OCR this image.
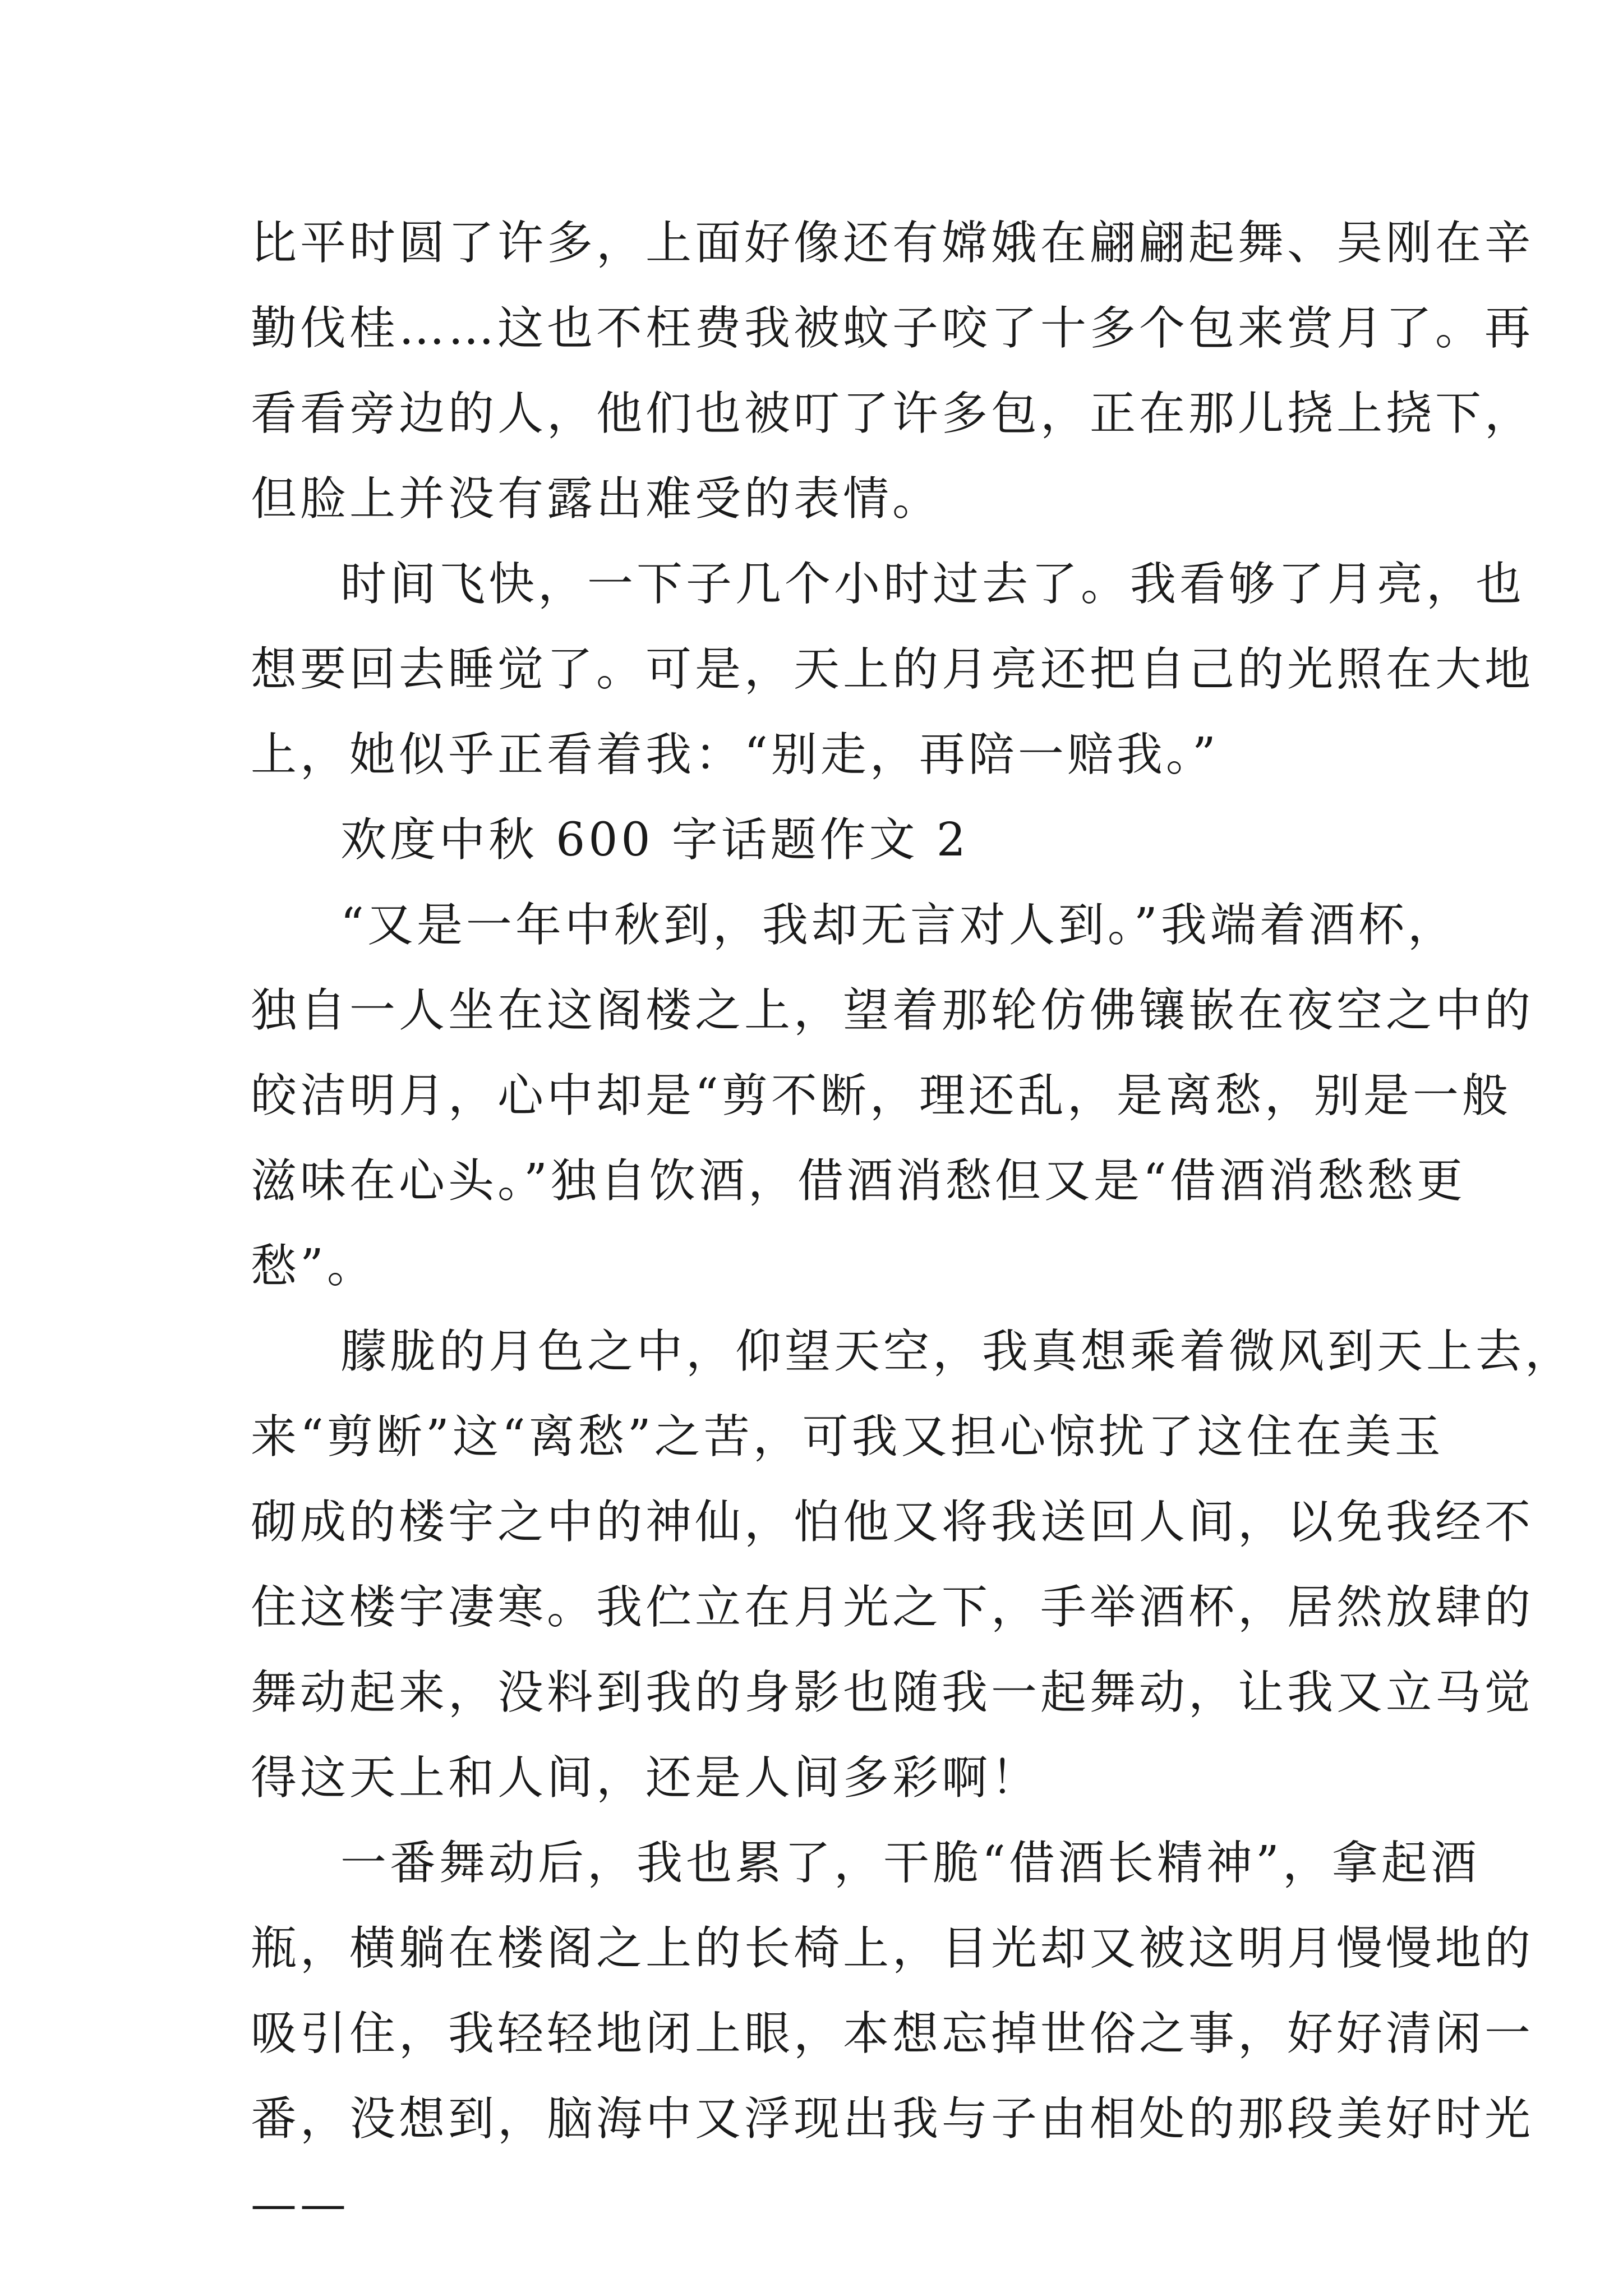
比平时圆了许多，上面好像还有嫦娥在翩翩起舞、吴刚在辛
勤伐桂……这也不枉费我被蚊子咬了十多个包来赏月了。再
看看旁边的人，他们也被叮了许多包，正在那儿挠上挠下，
但脸上并没有露出难受的表情。
时间飞快，一下子几个小时过去了。我看够了月亮，也
想要回去睡觉了。可是，天上的月亮还把自己的光照在大地
上，她似乎正看着我：“别走，再陪一赔我。”
欢度中秋 600 字话题作文 2
“又是一年中秋到，我却无言对人到。”我端着酒杯，
独自一人坐在这阁楼之上，望着那轮仿佛镶嵌在夜空之中的
皎洁明月，心中却是“剪不断，理还乱，是离愁，别是一般
滋味在心头。”独自饮酒，借酒消愁但又是“借酒消愁愁更
愁”。
朦胧的月色之中，仰望天空，我真想乘着微风到天上去，
来“剪断”这“离愁”之苦，可我又担心惊扰了这住在美玉
砌成的楼宇之中的神仙，怕他又将我送回人间，以免我经不
住这楼宇凄寒。我伫立在月光之下，手举酒杯，居然放肆的
舞动起来，没料到我的身影也随我一起舞动，让我又立马觉
得这天上和人间，还是人间多彩啊！
一番舞动后，我也累了，干脆“借酒长精神”，拿起酒
瓶，横躺在楼阁之上的长椅上，目光却又被这明月慢慢地的
吸引住，我轻轻地闭上眼，本想忘掉世俗之事，好好清闲一
番，没想到，脑海中又浮现出我与子由相处的那段美好时光
——
